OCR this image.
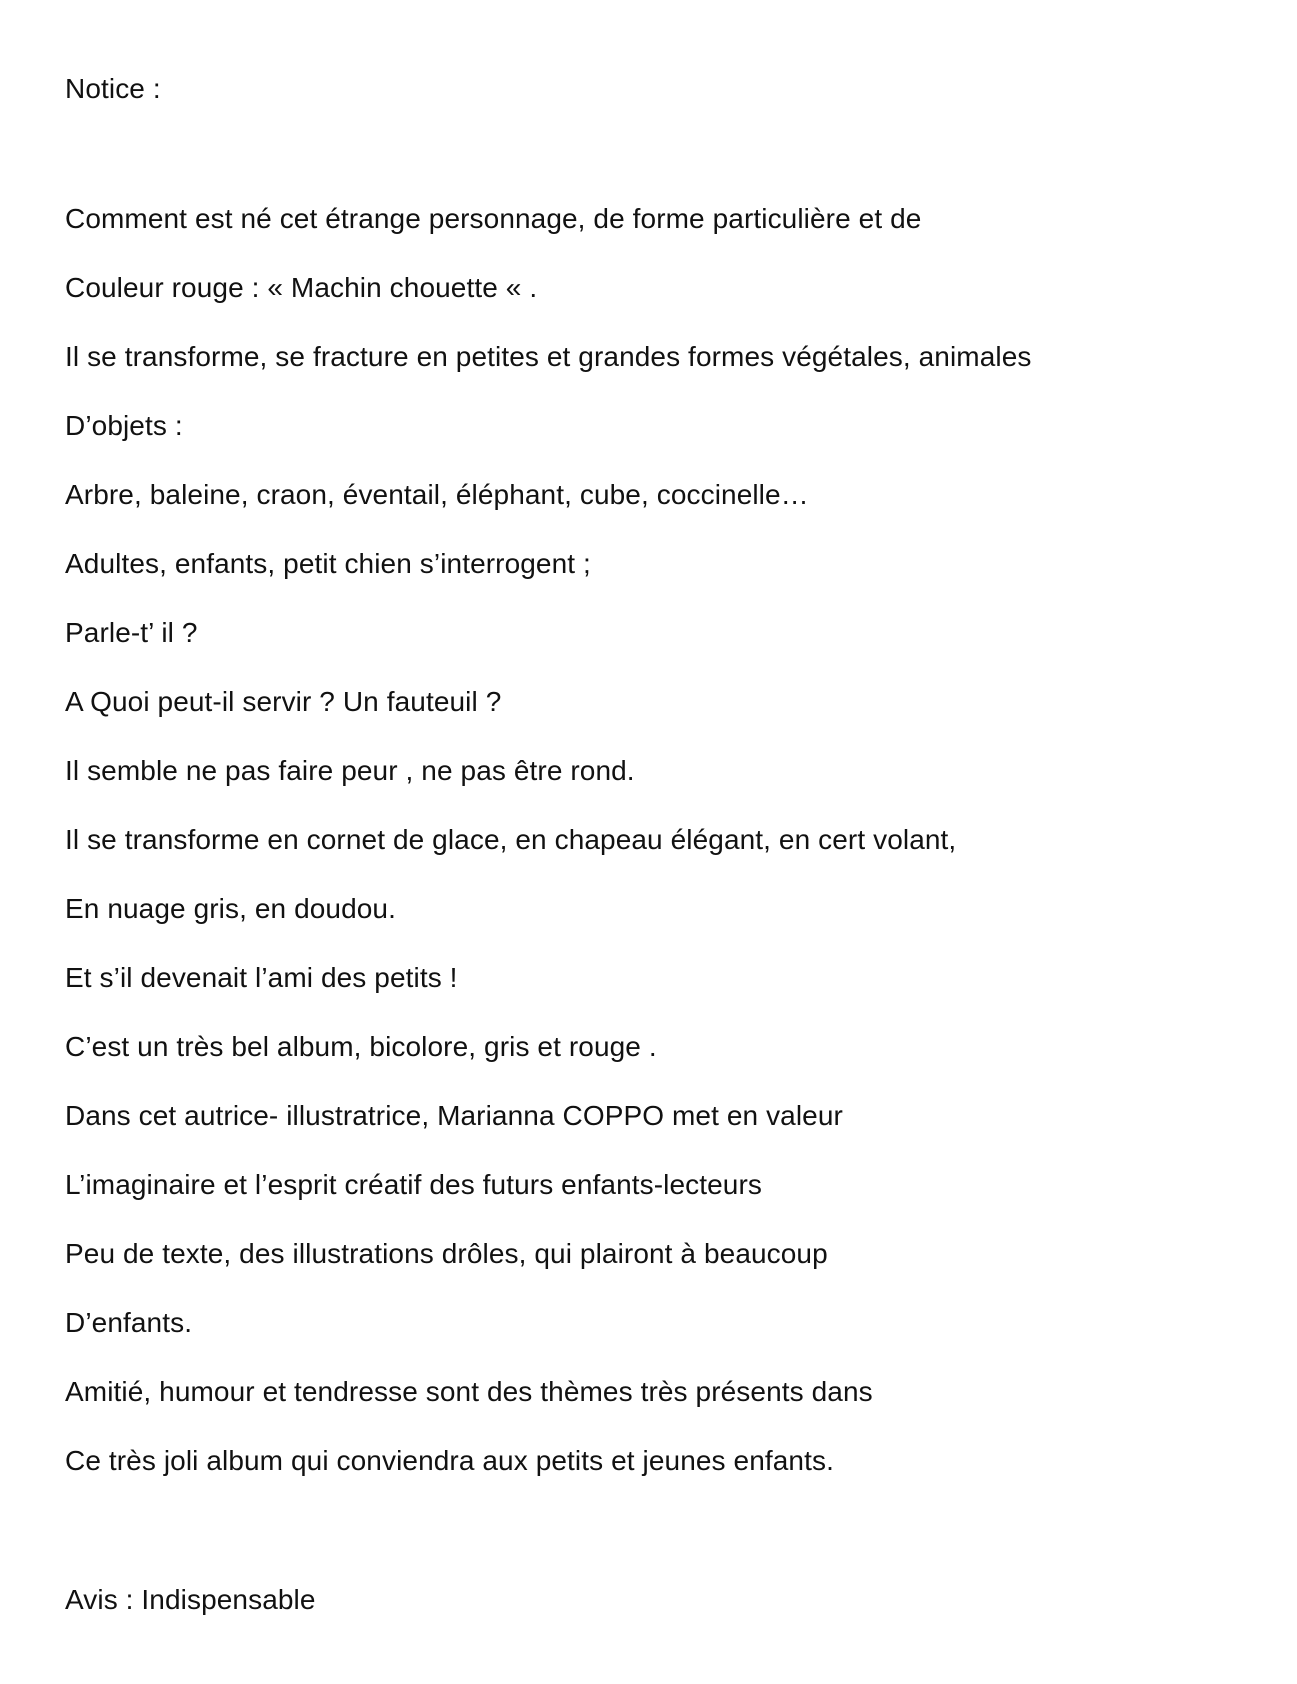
Notice :
Comment est né cet étrange personnage, de forme particulière et de
Couleur rouge : « Machin chouette « .
Il se transforme, se fracture en petites et grandes formes végétales, animales
D’objets :
Arbre, baleine, craon, éventail, éléphant, cube, coccinelle…
Adultes, enfants, petit chien s’interrogent ;
Parle-t’ il ?
A Quoi peut-il servir ? Un fauteuil ?
Il semble ne pas faire peur , ne pas être rond.
Il se transforme en cornet de glace, en chapeau élégant, en cert volant,
En nuage gris, en doudou.
Et s’il devenait l’ami des petits !
C’est un très bel album, bicolore, gris et rouge .
Dans cet autrice- illustratrice, Marianna COPPO met en valeur
L’imaginaire et l’esprit créatif des futurs enfants-lecteurs
Peu de texte, des illustrations drôles, qui plairont à beaucoup
D’enfants.
Amitié, humour et tendresse sont des thèmes très présents dans
Ce très joli album qui conviendra aux petits et jeunes enfants.
Avis : Indispensable
